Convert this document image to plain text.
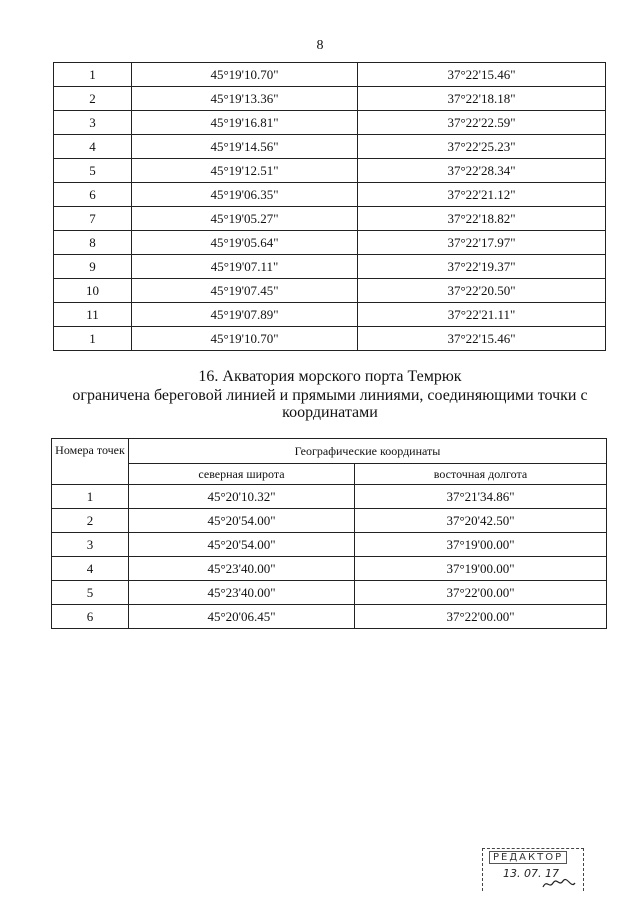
8
1	45°19'10.70"	37°22'15.46"
2	45°19'13.36"	37°22'18.18"
3	45°19'16.81"	37°22'22.59"
4	45°19'14.56"	37°22'25.23"
5	45°19'12.51"	37°22'28.34"
6	45°19'06.35"	37°22'21.12"
7	45°19'05.27"	37°22'18.82"
8	45°19'05.64"	37°22'17.97"
9	45°19'07.11"	37°22'19.37"
10	45°19'07.45"	37°22'20.50"
11	45°19'07.89"	37°22'21.11"
1	45°19'10.70"	37°22'15.46"
16. Акватория морского порта Темрюк
ограничена береговой линией и прямыми линиями, соединяющими точки с
координатами
Номера точек	Географические координаты	
	северная широта	восточная долгота
1	45°20'10.32"	37°21'34.86"
2	45°20'54.00"	37°20'42.50"
3	45°20'54.00"	37°19'00.00"
4	45°23'40.00"	37°19'00.00"
5	45°23'40.00"	37°22'00.00"
6	45°20'06.45"	37°22'00.00"
РЕДАКТОР
13. 07. 17
